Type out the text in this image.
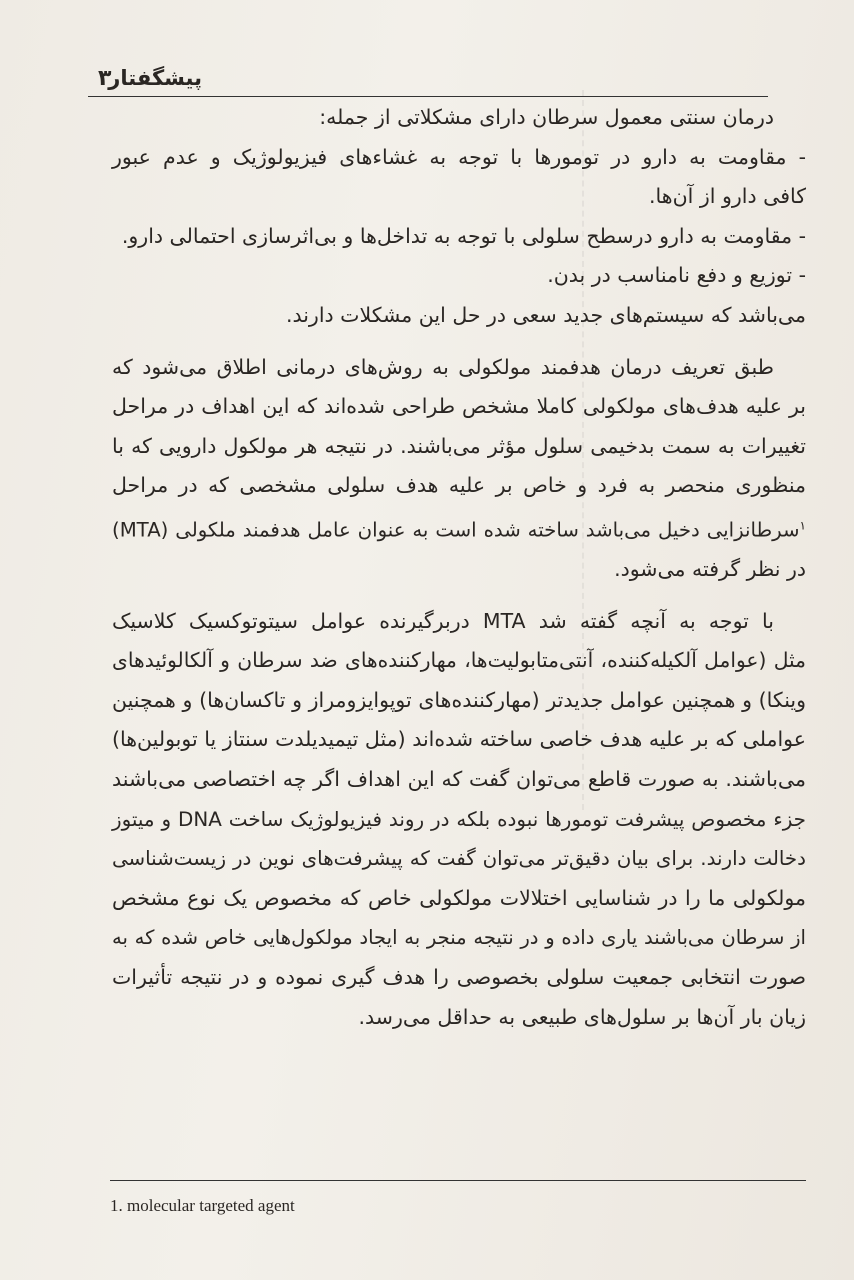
۳
پیشگفتار
درمان سنتی معمول سرطان دارای مشکلاتی از جمله:
- مقاومت به دارو در تومورها با توجه به غشاءهای فیزیولوژیک و عدم عبور
کافی دارو از آن‌ها.
- مقاومت به دارو درسطح سلولی با توجه به تداخل‌ها و بی‌اثرسازی احتمالی دارو.
- توزیع و دفع نامناسب در بدن.
می‌باشد که سیستم‌های جدید سعی در حل این مشکلات دارند.
طبق تعریف درمان هدفمند مولکولی به روش‌های درمانی اطلاق می‌شود که
بر علیه هدف‌های مولکولی کاملا مشخص طراحی شده‌اند که این اهداف در مراحل
تغییرات به سمت بدخیمی سلول مؤثر می‌باشند. در نتیجه هر مولکول دارویی که با
منظوری منحصر به فرد و خاص بر علیه هدف سلولی مشخصی که در مراحل
$^۱$سرطانزایی دخیل می‌باشد ساخته شده است به عنوان عامل هدفمند ملکولی (MTA)
در نظر گرفته می‌شود.
با توجه به آنچه گفته شد MTA دربرگیرنده عوامل سیتوتوکسیک کلاسیک
مثل (عوامل آلکیله‌کننده، آنتی‌متابولیت‌ها، مهارکننده‌های ضد سرطان و آلکالوئیدهای
وینکا) و همچنین عوامل جدیدتر (مهارکننده‌های توپوایزومراز و تاکسان‌ها) و همچنین
عواملی که بر علیه هدف خاصی ساخته شده‌اند (مثل تیمیدیلدت سنتاز یا توبولین‌ها)
می‌باشند. به صورت قاطع می‌توان گفت که این اهداف اگر چه اختصاصی می‌باشند
جزء مخصوص پیشرفت تومورها نبوده بلکه در روند فیزیولوژیک ساخت DNA و میتوز
دخالت دارند. برای بیان دقیق‌تر می‌توان گفت که پیشرفت‌های نوین در زیست‌شناسی
مولکولی ما را در شناسایی اختلالات مولکولی خاص که مخصوص یک نوع مشخص
از سرطان می‌باشند یاری داده و در نتیجه منجر به ایجاد مولکول‌هایی خاص شده که به
صورت انتخابی جمعیت سلولی بخصوصی را هدف گیری نموده و در نتیجه تأثیرات
زیان بار آن‌ها بر سلول‌های طبیعی به حداقل می‌رسد.
1. molecular targeted agent
